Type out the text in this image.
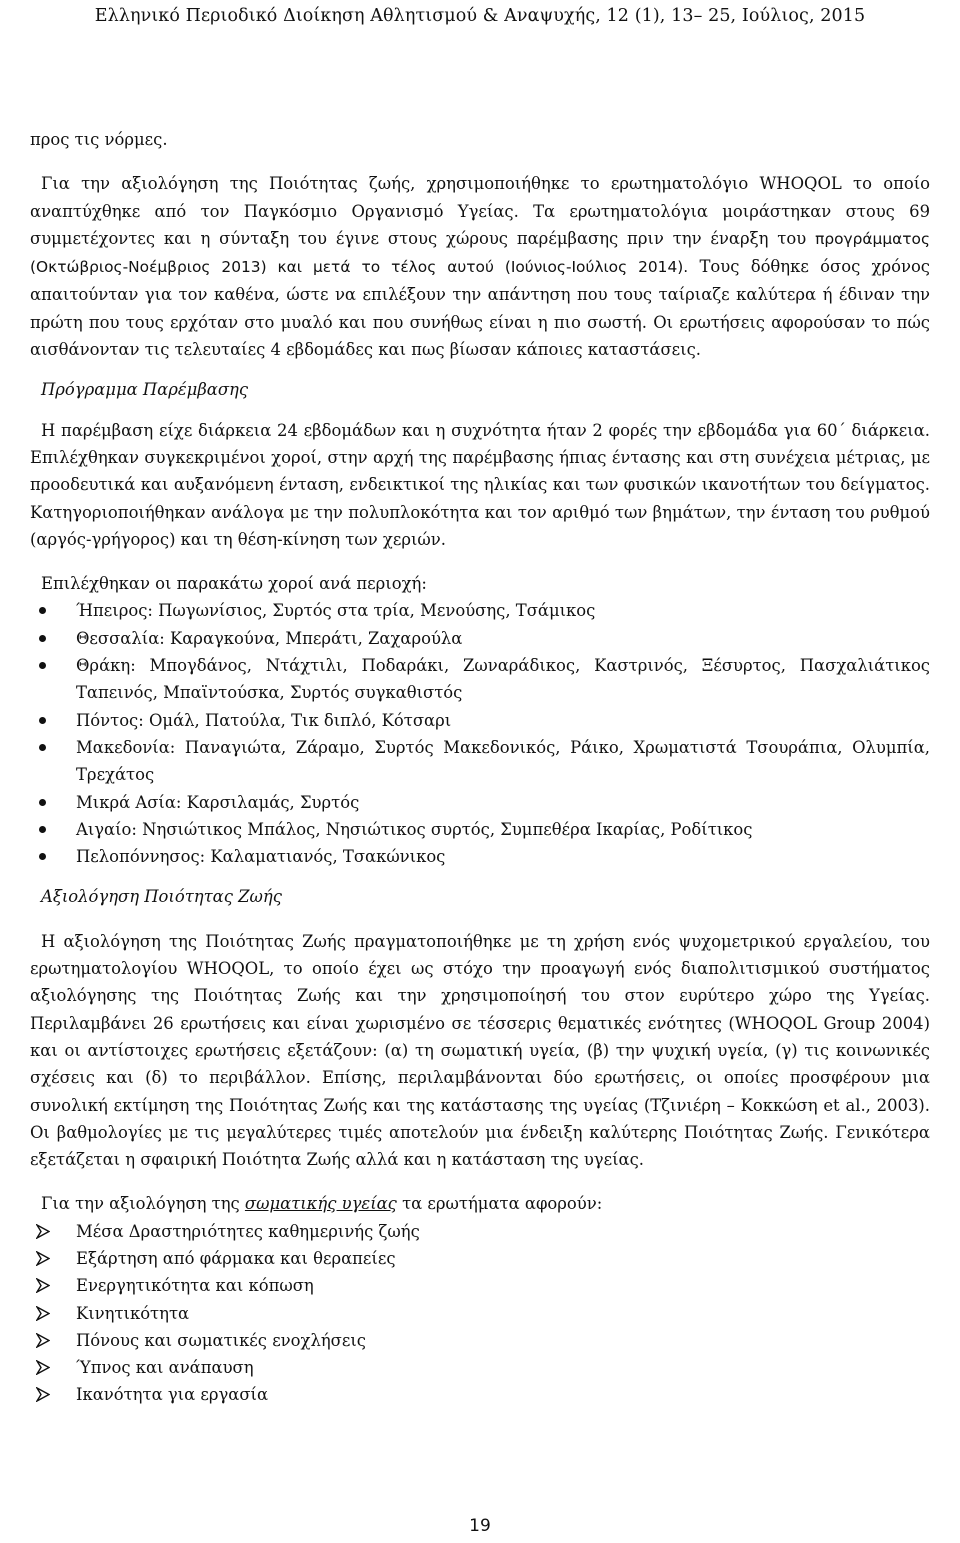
Ελληνικό Περιοδικό Διοίκηση Αθλητισμού & Αναψυχής, 12 (1), 13– 25, Ιούλιος, 2015

προς τις νόρμες.

Για την αξιολόγηση της Ποιότητας ζωής, χρησιμοποιήθηκε το ερωτηματολόγιο WHOQOL το οποίο αναπτύχθηκε από τον Παγκόσμιο Οργανισμό Υγείας. Τα ερωτηματολόγια μοιράστηκαν στους 69 συμμετέχοντες και η σύνταξη του έγινε στους χώρους παρέμβασης πριν την έναρξη του προγράμματος (Οκτώβριος-Νοέμβριος 2013) και μετά το τέλος αυτού (Ιούνιος-Ιούλιος 2014). Τους δόθηκε όσος χρόνος απαιτούνταν για τον καθένα, ώστε να επιλέξουν την απάντηση που τους ταίριαζε καλύτερα ή έδιναν την πρώτη που τους ερχόταν στο μυαλό και που συνήθως είναι η πιο σωστή. Οι ερωτήσεις αφορούσαν το πώς αισθάνονταν τις τελευταίες 4 εβδομάδες και πως βίωσαν κάποιες καταστάσεις.

Πρόγραμμα Παρέμβασης

Η παρέμβαση είχε διάρκεια 24 εβδομάδων και η συχνότητα ήταν 2 φορές την εβδομάδα για 60΄ διάρκεια. Επιλέχθηκαν συγκεκριμένοι χοροί, στην αρχή της παρέμβασης ήπιας έντασης και στη συνέχεια μέτριας, με προοδευτικά και αυξανόμενη ένταση, ενδεικτικοί της ηλικίας και των φυσικών ικανοτήτων του δείγματος. Κατηγοριοποιήθηκαν ανάλογα με την πολυπλοκότητα και τον αριθμό των βημάτων, την ένταση του ρυθμού (αργός-γρήγορος) και τη θέση-κίνηση των χεριών.

Επιλέχθηκαν οι παρακάτω χοροί ανά περιοχή:

Ήπειρος: Πωγωνίσιος, Συρτός στα τρία, Μενούσης, Τσάμικος
Θεσσαλία: Καραγκούνα, Μπεράτι, Ζαχαρούλα
Θράκη: Μπογδάνος, Ντάχτιλι, Ποδαράκι, Ζωναράδικος, Καστρινός, Ξέσυρτος, Πασχαλιάτικος Ταπεινός, Μπαϊντούσκα, Συρτός συγκαθιστός
Πόντος: Ομάλ, Πατούλα, Τικ διπλό, Κότσαρι
Μακεδονία: Παναγιώτα, Ζάραμο, Συρτός Μακεδονικός, Ράικο, Χρωματιστά Τσουράπια, Ολυμπία, Τρεχάτος
Μικρά Ασία: Καρσιλαμάς, Συρτός
Αιγαίο: Νησιώτικος Μπάλος, Νησιώτικος συρτός, Συμπεθέρα Ικαρίας, Ροδίτικος
Πελοπόννησος: Καλαματιανός, Τσακώνικος

Αξιολόγηση Ποιότητας Ζωής

Η αξιολόγηση της Ποιότητας Ζωής πραγματοποιήθηκε με τη χρήση ενός ψυχομετρικού εργαλείου, του ερωτηματολογίου WHOQOL, το οποίο έχει ως στόχο την προαγωγή ενός διαπολιτισμικού συστήματος αξιολόγησης της Ποιότητας Ζωής και την χρησιμοποίησή του στον ευρύτερο χώρο της Υγείας. Περιλαμβάνει 26 ερωτήσεις και είναι χωρισμένο σε τέσσερις θεματικές ενότητες (WHOQOL Group 2004) και οι αντίστοιχες ερωτήσεις εξετάζουν: (α) τη σωματική υγεία, (β) την ψυχική υγεία, (γ) τις κοινωνικές σχέσεις και (δ) το περιβάλλον. Επίσης, περιλαμβάνονται δύο ερωτήσεις, οι οποίες προσφέρουν μια συνολική εκτίμηση της Ποιότητας Ζωής και της κατάστασης της υγείας (Τζινιέρη – Κοκκώση et al., 2003). Οι βαθμολογίες με τις μεγαλύτερες τιμές αποτελούν μια ένδειξη καλύτερης Ποιότητας Ζωής. Γενικότερα εξετάζεται η σφαιρική Ποιότητα Ζωής αλλά και η κατάσταση της υγείας.

Για την αξιολόγηση της σωματικής υγείας τα ερωτήματα αφορούν:

Μέσα Δραστηριότητες καθημερινής ζωής
Εξάρτηση από φάρμακα και θεραπείες
Ενεργητικότητα και κόπωση
Κινητικότητα
Πόνους και σωματικές ενοχλήσεις
Ύπνος και ανάπαυση
Ικανότητα για εργασία
19
